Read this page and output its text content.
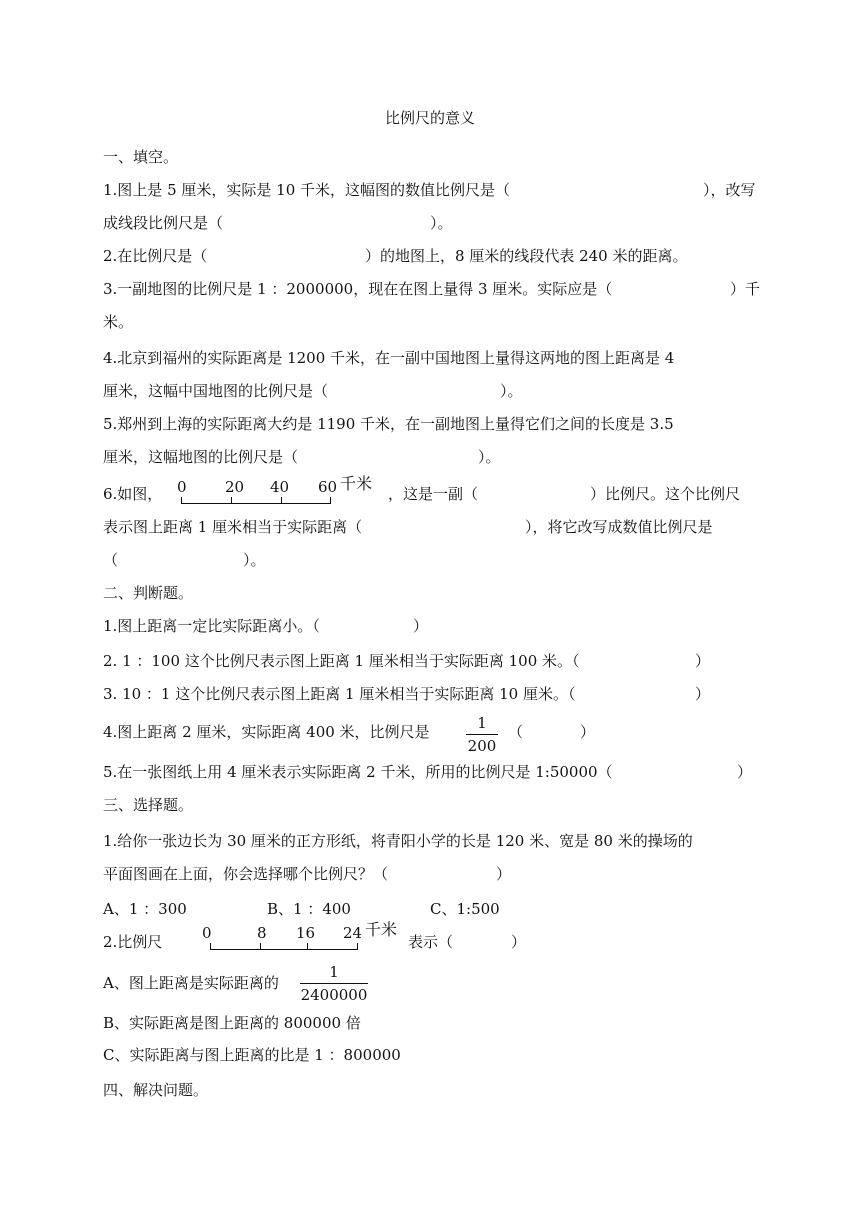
比例尺的意义
一、填空。
1.图上是 5 厘米，实际是 10 千米，这幅图的数值比例尺是（	），改写
成线段比例尺是（	）。
2.在比例尺是（	）的地图上，8 厘米的线段代表 240 米的距离。
3.一副地图的比例尺是 1 ：2000000，现在在图上量得 3 厘米。实际应是（	）千
米。
4.北京到福州的实际距离是 1200 千米，在一副中国地图上量得这两地的图上距离是 4
厘米，这幅中国地图的比例尺是（	）。
5.郑州到上海的实际距离大约是 1190 千米，在一副地图上量得它们之间的长度是 3.5
厘米，这幅地图的比例尺是（	）。
6.如图， 0	20 40 60 千米
，这是一副（	）比例尺。这个比例尺
表示图上距离 1 厘米相当于实际距离（	），将它改写成数值比例尺是
（	）。
二、判断题。
1.图上距离一定比实际距离小。（	）
2. 1 ：100 这个比例尺表示图上距离 1 厘米相当于实际距离 100 米。（	）
3. 10 ：1 这个比例尺表示图上距离 1 厘米相当于实际距离 10 厘米。（	）
4.图上距离 2 厘米，实际距离 400 米，比例尺是	1
200
（	）
5.在一张图纸上用 4 厘米表示实际距离 2 千米，所用的比例尺是 1:50000（	）
三、选择题。
1.给你一张边长为 30 厘米的正方形纸，将青阳小学的长是 120 米、宽是 80 米的操场的
平面图画在上面，你会选择哪个比例尺？（	）
A、1 ：300	B、1 ：400	C、1:500
2.比例尺	0	8 16 24 千米
表示（	）
A、图上距离是实际距离的
1
2400000
B、实际距离是图上距离的 800000 倍
C、实际距离与图上距离的比是 1 ：800000
四、解决问题。
